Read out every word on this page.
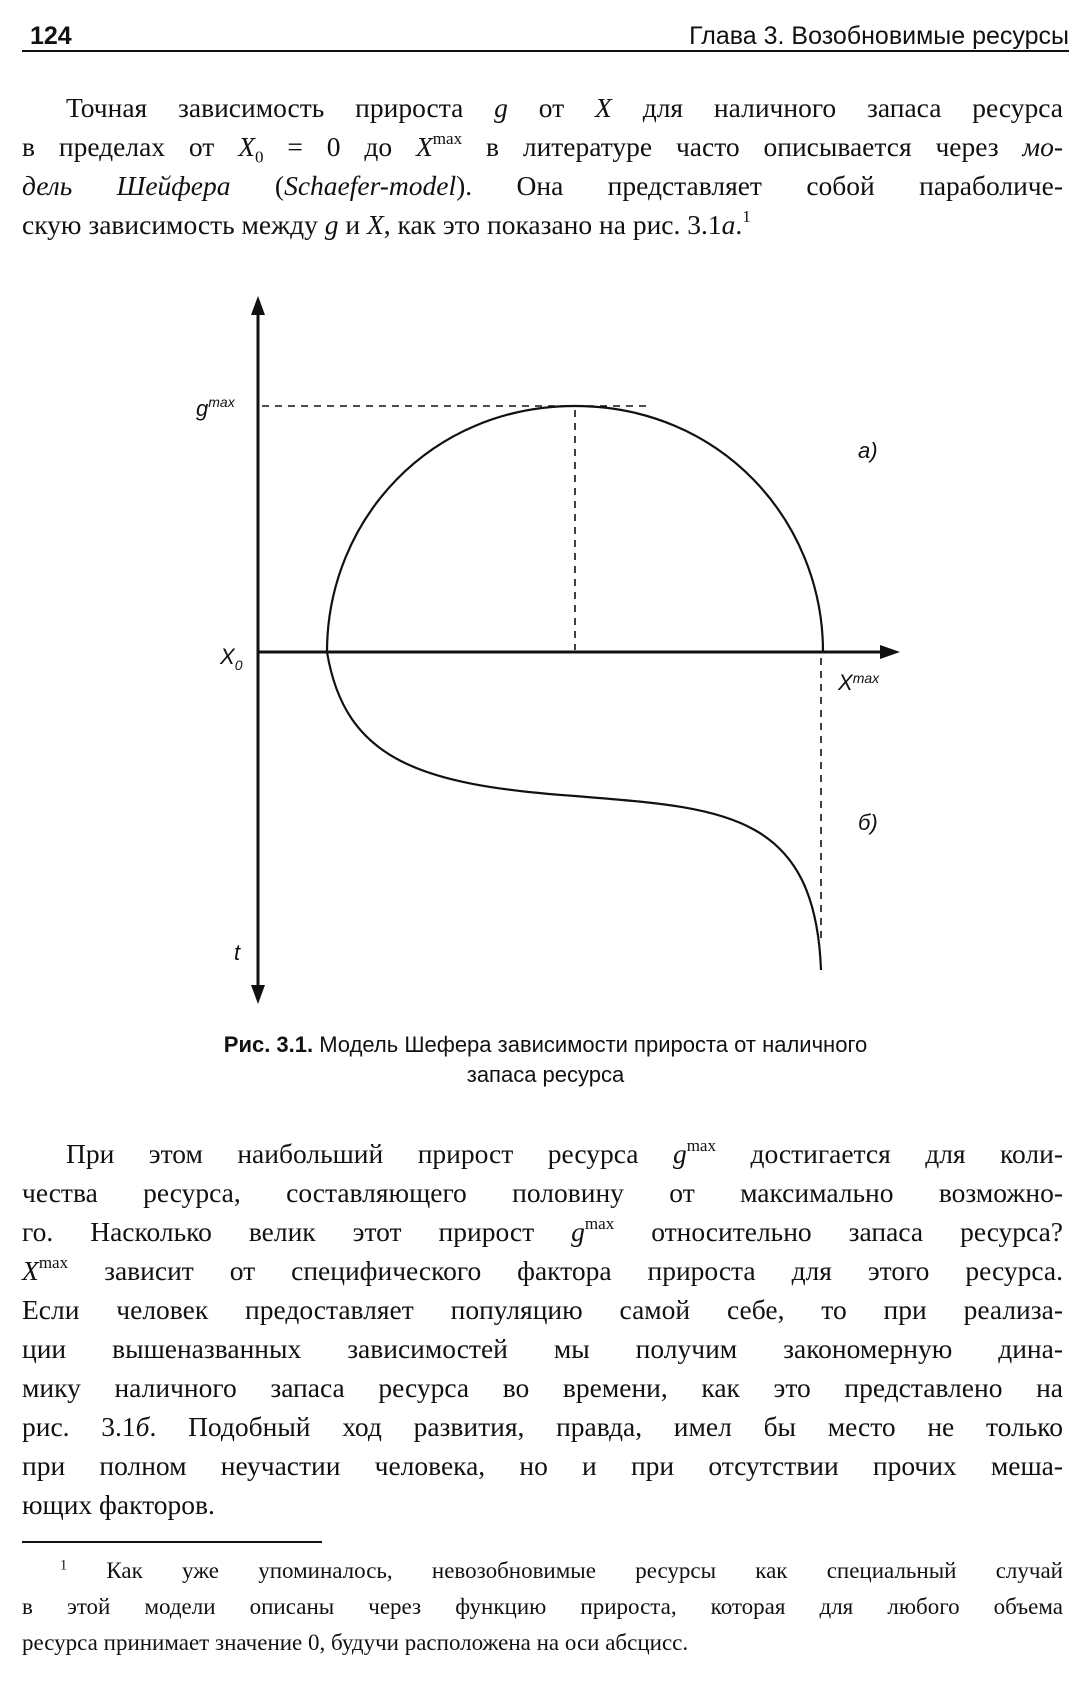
124	Глава 3. Возобновимые ресурсы
Точная зависимость прироста g от X для наличного запаса ресурса
в пределах от $X_0 = 0$ до $X^{max}$ в литературе часто описывается через мо-
дель Шейфера (Schaefer-model). Она представляет собой параболиче-
скую зависимость между g и X, как это показано на рис. 3.1а.$^1$
$g^{max}$
$X_0$
$X^{max}$
t
а)
б)
Рис. 3.1. Модель Шефера зависимости прироста от наличного
запаса ресурса
При этом наибольший прирост ресурса $g^{max}$ достигается для коли-
чества ресурса, составляющего половину от максимально возможно-
го. Насколько велик этот прирост $g^{max}$ относительно запаса ресурса?
$X^{max}$ зависит от специфического фактора прироста для этого ресурса.
Если человек предоставляет популяцию самой себе, то при реализа-
ции вышеназванных зависимостей мы получим закономерную дина-
мику наличного запаса ресурса во времени, как это представлено на
рис. 3.1б. Подобный ход развития, правда, имел бы место не только
при полном неучастии человека, но и при отсутствии прочих меша-
ющих факторов.
$^1$ Как уже упоминалось, невозобновимые ресурсы как специальный случай
в этой модели описаны через функцию прироста, которая для любого объема
ресурса принимает значение 0, будучи расположена на оси абсцисс.
